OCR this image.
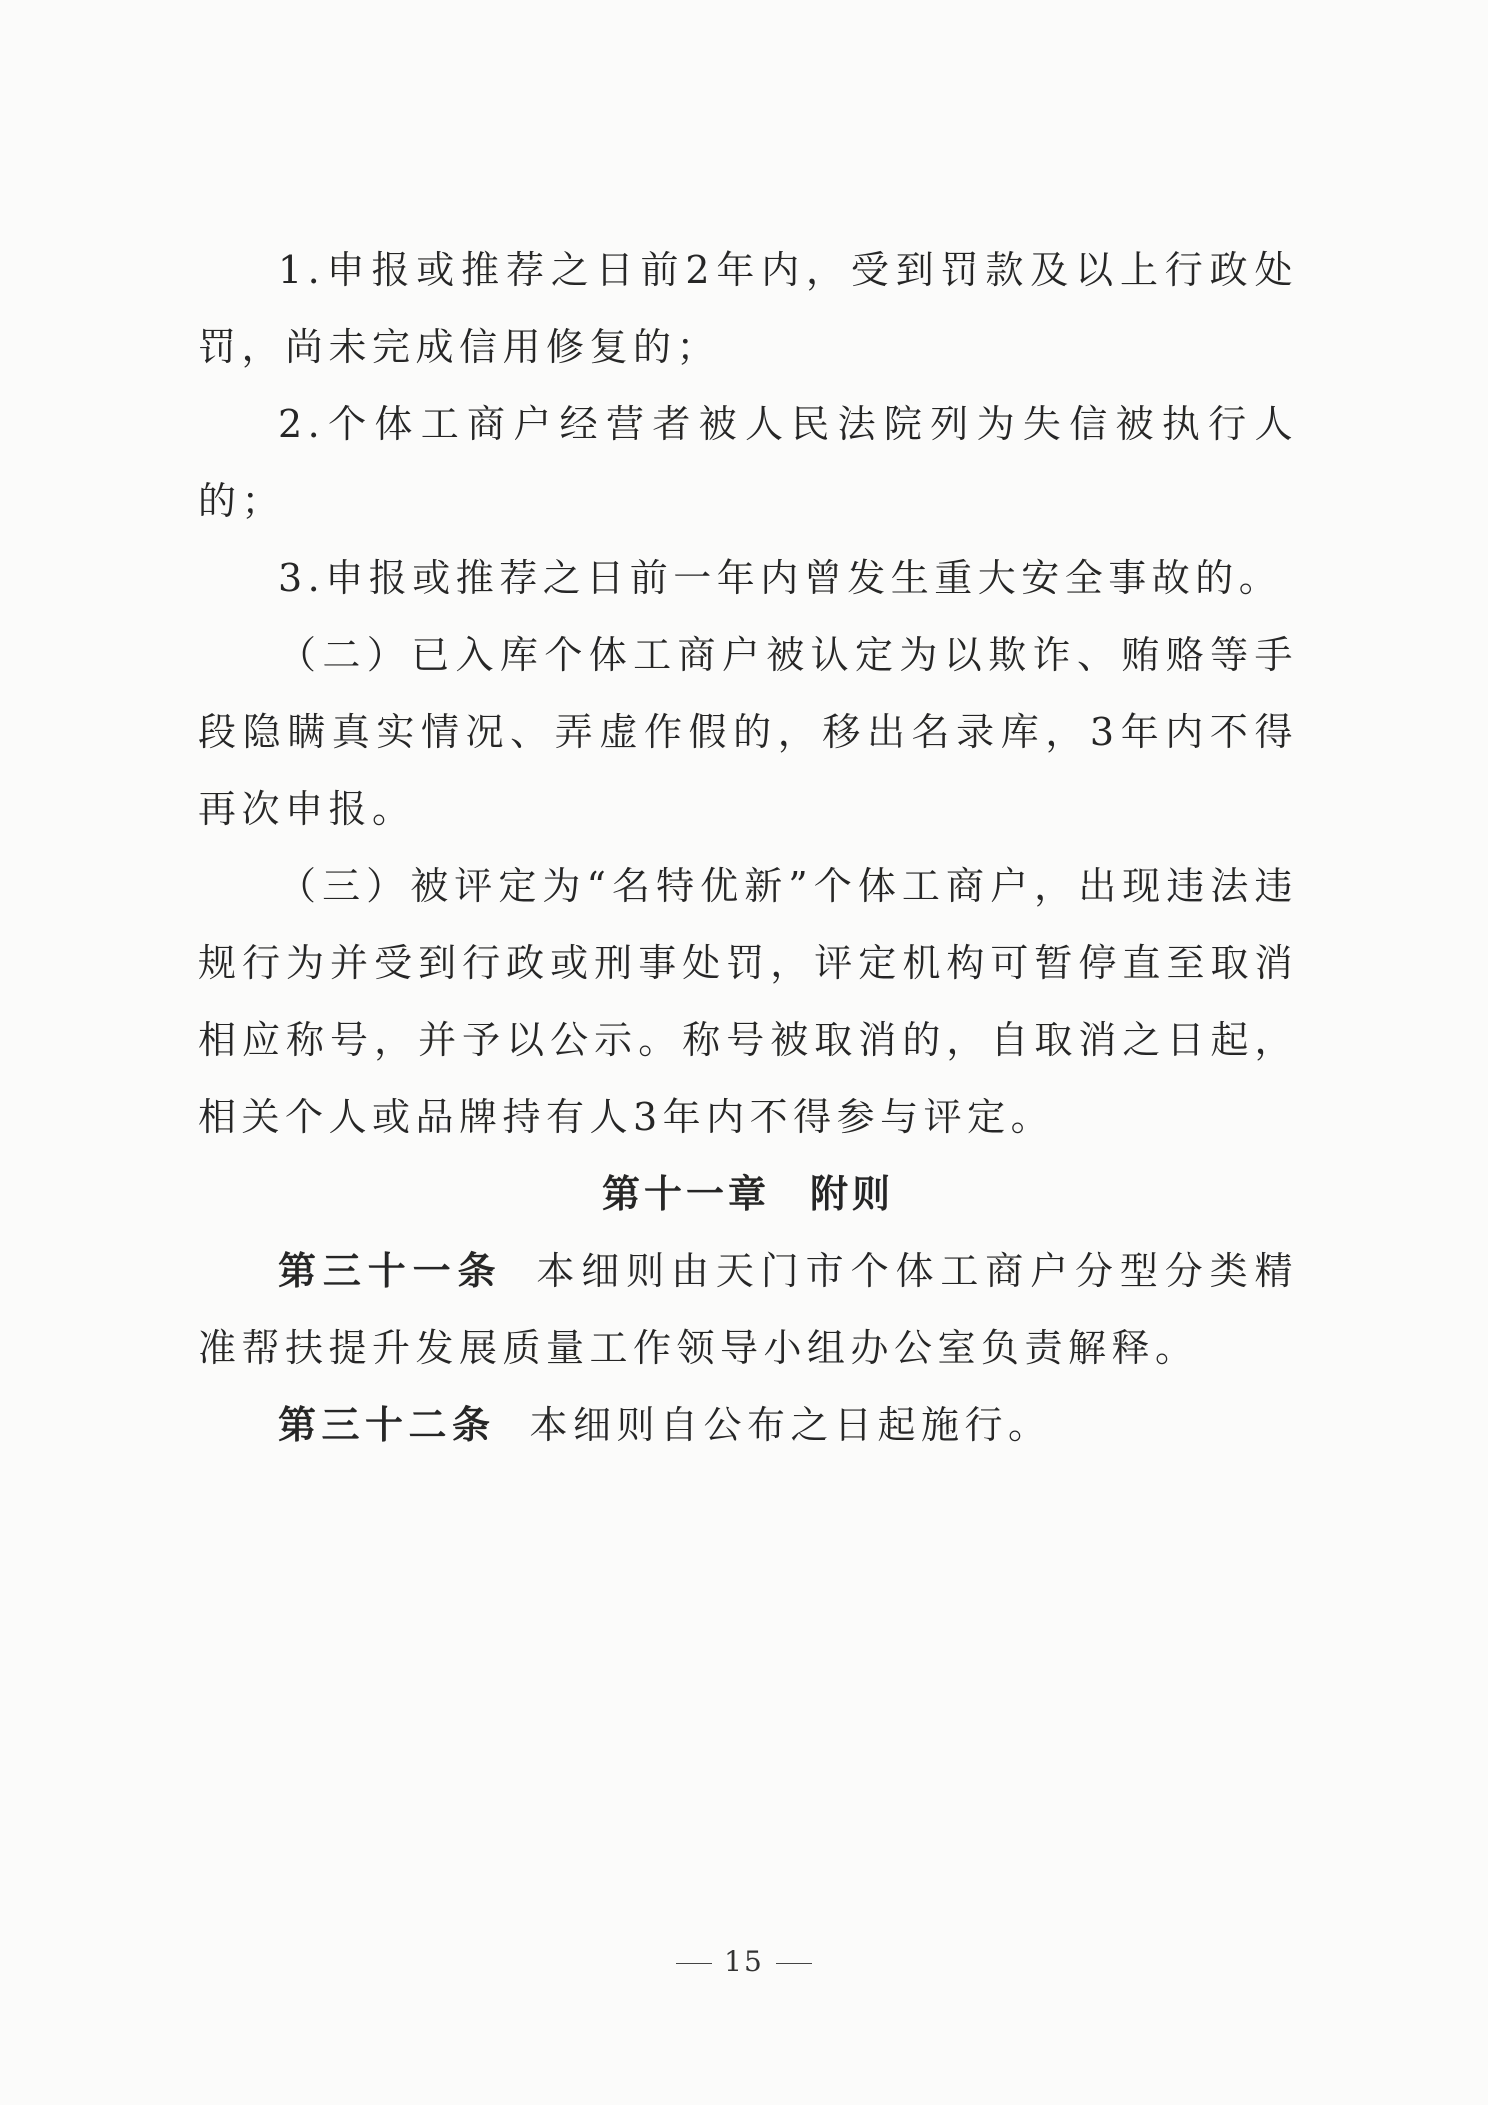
1.申报或推荐之日前2年内，受到罚款及以上行政处罚，尚未完成信用修复的；

2.个体工商户经营者被人民法院列为失信被执行人的；

3.申报或推荐之日前一年内曾发生重大安全事故的。

（二）已入库个体工商户被认定为以欺诈、贿赂等手段隐瞒真实情况、弄虚作假的，移出名录库，3年内不得再次申报。

（三）被评定为“名特优新”个体工商户，出现违法违规行为并受到行政或刑事处罚，评定机构可暂停直至取消相应称号，并予以公示。称号被取消的，自取消之日起，相关个人或品牌持有人3年内不得参与评定。

第十一章 附则

第三十一条 本细则由天门市个体工商户分型分类精准帮扶提升发展质量工作领导小组办公室负责解释。

第三十二条 本细则自公布之日起施行。

15
